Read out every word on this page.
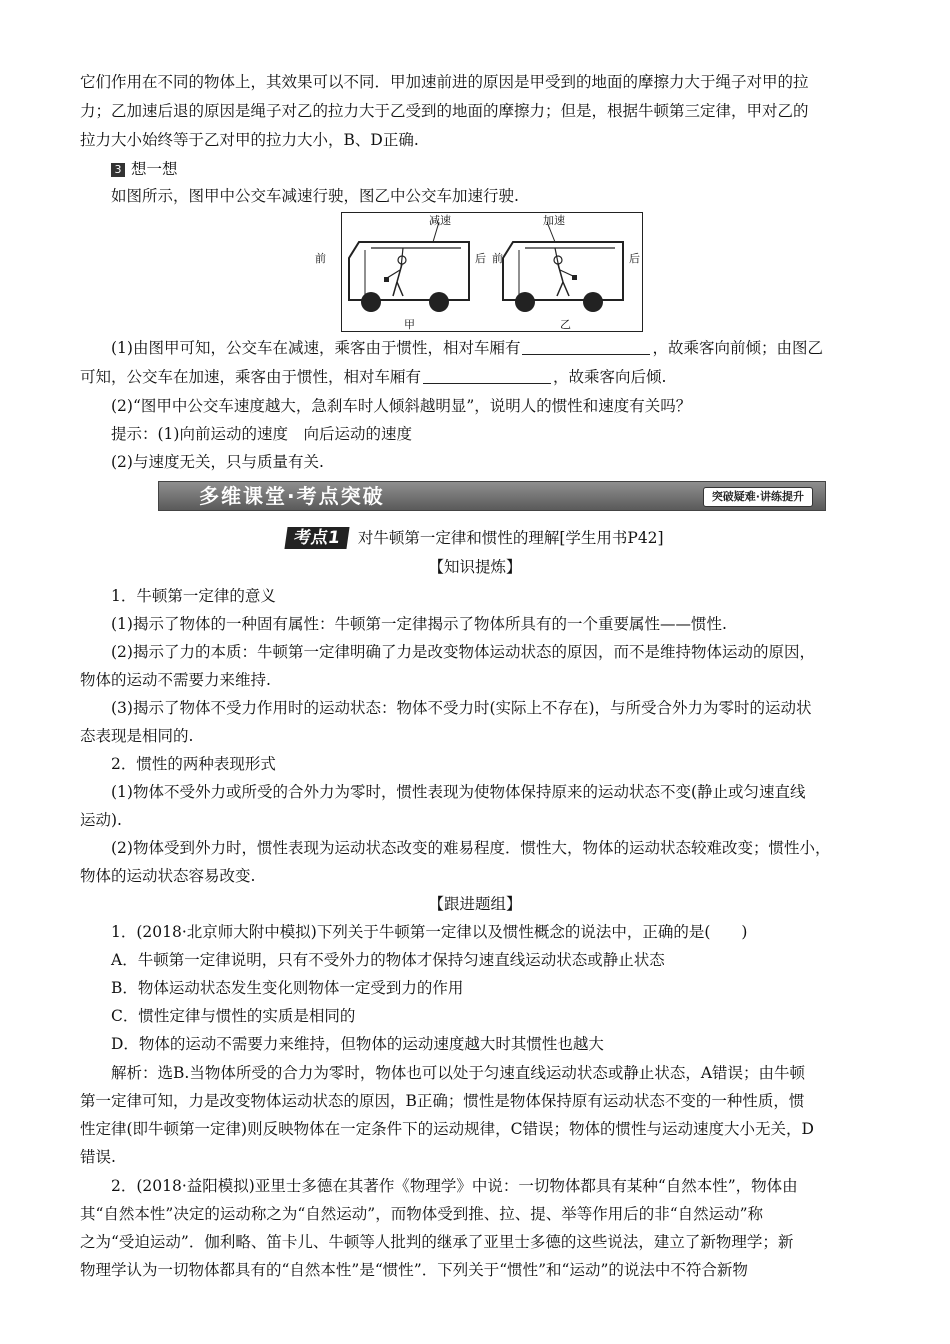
它们作用在不同的物体上，其效果可以不同．甲加速前进的原因是甲受到的地面的摩擦力大于绳子对甲的拉
力；乙加速后退的原因是绳子对乙的拉力大于乙受到的地面的摩擦力；但是，根据牛顿第三定律，甲对乙的
拉力大小始终等于乙对甲的拉力大小，B、D正确.
3 想一想
如图所示，图甲中公交车减速行驶，图乙中公交车加速行驶.
减速
前	后
甲
加速
前	后
乙
(1)由图甲可知，公交车在减速，乘客由于惯性，相对车厢有	，故乘客向前倾；由图乙
可知，公交车在加速，乘客由于惯性，相对车厢有	，故乘客向后倾.
(2)“图甲中公交车速度越大，急刹车时人倾斜越明显”，说明人的惯性和速度有关吗？
提示：(1)向前运动的速度　向后运动的速度
(2)与速度无关，只与质量有关.
多维课堂·考点突破	突破疑难·讲练提升
考点1 对牛顿第一定律和惯性的理解[学生用书P42]
【知识提炼】
1．牛顿第一定律的意义
(1)揭示了物体的一种固有属性：牛顿第一定律揭示了物体所具有的一个重要属性——惯性.
(2)揭示了力的本质：牛顿第一定律明确了力是改变物体运动状态的原因，而不是维持物体运动的原因，
物体的运动不需要力来维持.
(3)揭示了物体不受力作用时的运动状态：物体不受力时(实际上不存在)，与所受合外力为零时的运动状
态表现是相同的.
2．惯性的两种表现形式
(1)物体不受外力或所受的合外力为零时，惯性表现为使物体保持原来的运动状态不变(静止或匀速直线
运动).
(2)物体受到外力时，惯性表现为运动状态改变的难易程度．惯性大，物体的运动状态较难改变；惯性小，
物体的运动状态容易改变.
【跟进题组】
1．(2018·北京师大附中模拟)下列关于牛顿第一定律以及惯性概念的说法中，正确的是(　　)
A．牛顿第一定律说明，只有不受外力的物体才保持匀速直线运动状态或静止状态
B．物体运动状态发生变化则物体一定受到力的作用
C．惯性定律与惯性的实质是相同的
D．物体的运动不需要力来维持，但物体的运动速度越大时其惯性也越大
解析：选B.当物体所受的合力为零时，物体也可以处于匀速直线运动状态或静止状态，A错误；由牛顿
第一定律可知，力是改变物体运动状态的原因，B正确；惯性是物体保持原有运动状态不变的一种性质，惯
性定律(即牛顿第一定律)则反映物体在一定条件下的运动规律，C错误；物体的惯性与运动速度大小无关，D
错误.
2．(2018·益阳模拟)亚里士多德在其著作《物理学》中说：一切物体都具有某种“自然本性”，物体由
其“自然本性”决定的运动称之为“自然运动”，而物体受到推、拉、提、举等作用后的非“自然运动”称
之为“受迫运动”．伽利略、笛卡儿、牛顿等人批判的继承了亚里士多德的这些说法，建立了新物理学；新
物理学认为一切物体都具有的“自然本性”是“惯性”．下列关于“惯性”和“运动”的说法中不符合新物
